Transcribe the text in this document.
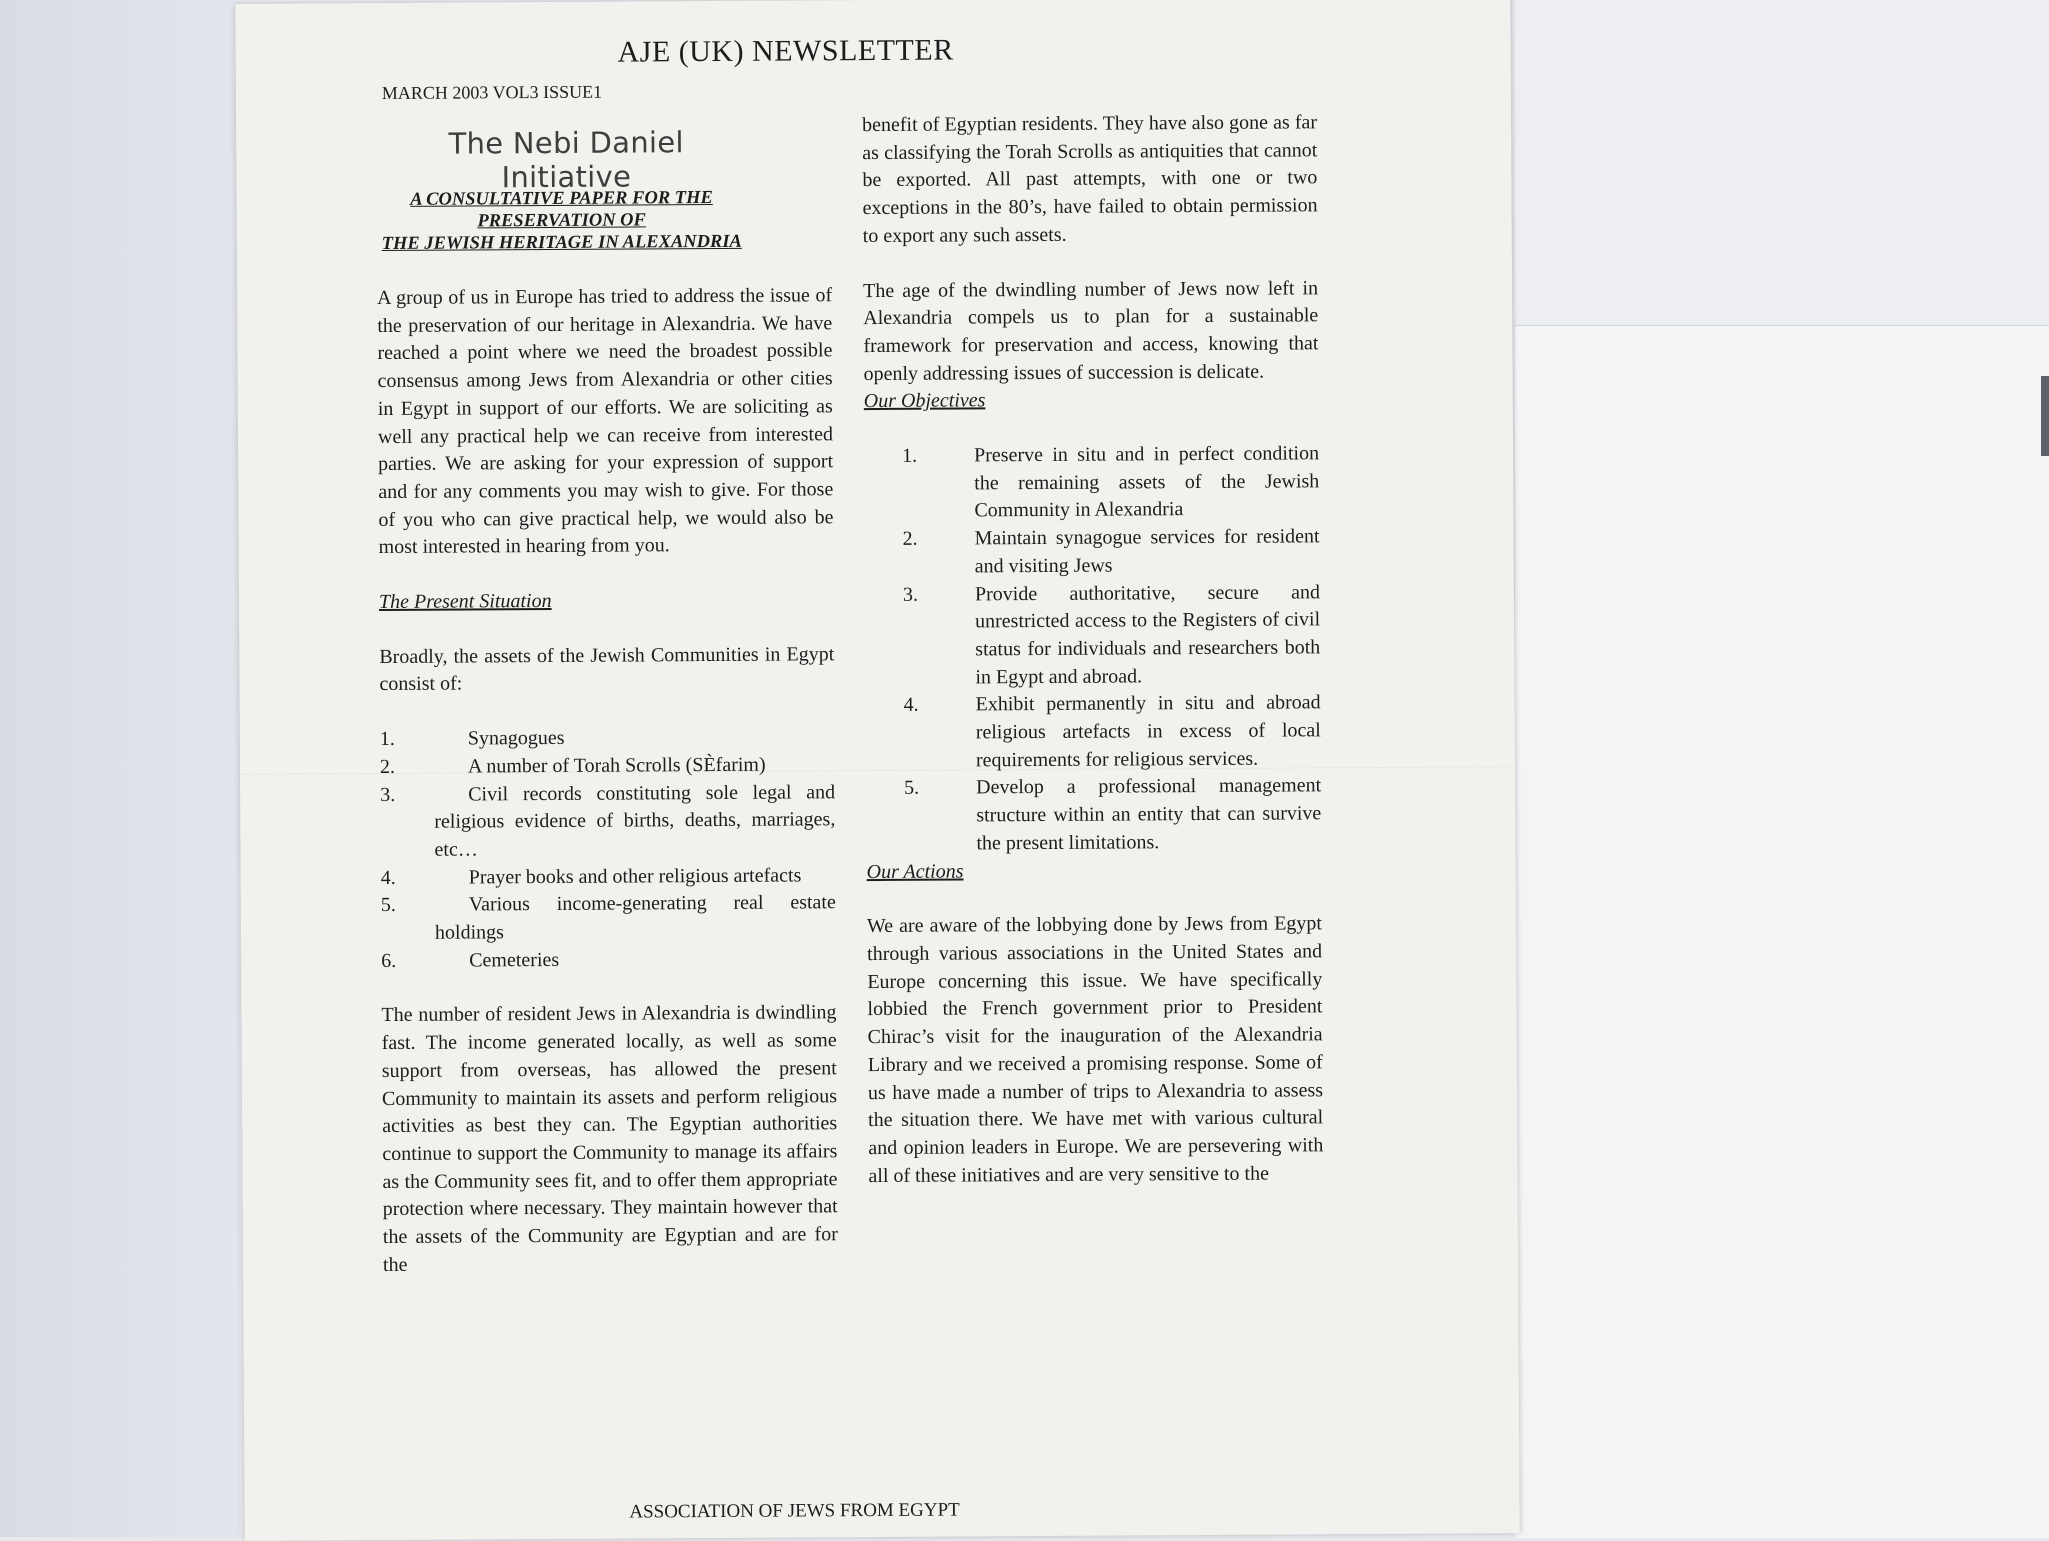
AJE (UK) NEWSLETTER
MARCH 2003 VOL3 ISSUE1
The Nebi Daniel Initiative
A CONSULTATIVE PAPER FOR THE
PRESERVATION OF
THE JEWISH HERITAGE IN ALEXANDRIA

A group of us in Europe has tried to address the issue of the preservation of our heritage in Alexandria. We have reached a point where we need the broadest possible consensus among Jews from Alexandria or other cities in Egypt in support of our efforts. We are soliciting as well any practical help we can receive from interested parties. We are asking for your expression of support and for any comments you may wish to give. For those of you who can give practical help, we would also be most interested in hearing from you.

The Present Situation

Broadly, the assets of the Jewish Communities in Egypt consist of:

1.	Synagogues
2.	A number of Torah Scrolls (SÈfarim)
3.	Civil records constituting sole legal and religious evidence of births, deaths, marriages, etc…
4.	Prayer books and other religious artefacts
5.	Various income-generating real estate holdings
6.	Cemeteries

The number of resident Jews in Alexandria is dwindling fast. The income generated locally, as well as some support from overseas, has allowed the present Community to maintain its assets and perform religious activities as best they can. The Egyptian authorities continue to support the Community to manage its affairs as the Community sees fit, and to offer them appropriate protection where necessary. They maintain however that the assets of the Community are Egyptian and are for the

benefit of Egyptian residents. They have also gone as far as classifying the Torah Scrolls as antiquities that cannot be exported. All past attempts, with one or two exceptions in the 80’s, have failed to obtain permission to export any such assets.

The age of the dwindling number of Jews now left in Alexandria compels us to plan for a sustainable framework for preservation and access, knowing that openly addressing issues of succession is delicate.

Our Objectives

1.	Preserve in situ and in perfect condition the remaining assets of the Jewish Community in Alexandria
2.	Maintain synagogue services for resident and visiting Jews
3.	Provide authoritative, secure and unrestricted access to the Registers of civil status for individuals and researchers both in Egypt and abroad.
4.	Exhibit permanently in situ and abroad religious artefacts in excess of local requirements for religious services.
5.	Develop a professional management structure within an entity that can survive the present limitations.

Our Actions

We are aware of the lobbying done by Jews from Egypt through various associations in the United States and Europe concerning this issue. We have specifically lobbied the French government prior to President Chirac’s visit for the inauguration of the Alexandria Library and we received a promising response. Some of us have made a number of trips to Alexandria to assess the situation there. We have met with various cultural and opinion leaders in Europe. We are persevering with all of these initiatives and are very sensitive to the

ASSOCIATION OF JEWS FROM EGYPT
